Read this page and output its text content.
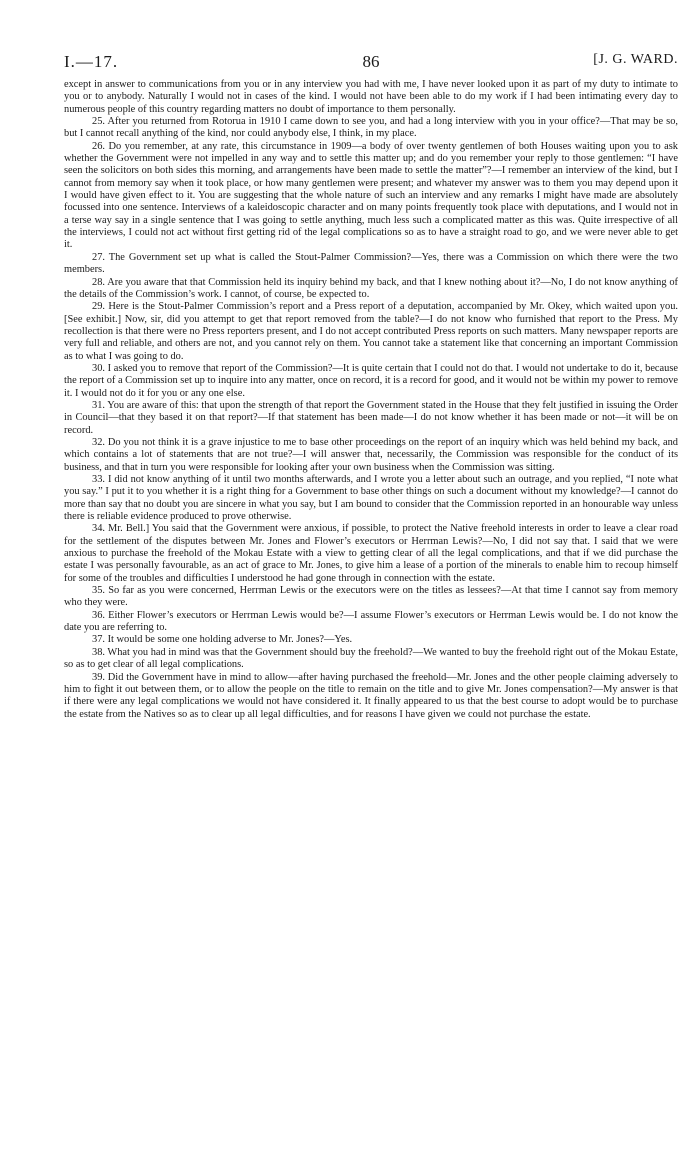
I.—17.	86	[J. G. WARD.

except in answer to communications from you or in any interview you had with me, I have never looked upon it as part of my duty to intimate to you or to anybody. Naturally I would not in cases of the kind. I would not have been able to do my work if I had been intimating every day to numerous people of this country regarding matters no doubt of importance to them personally.

25. After you returned from Rotorua in 1910 I came down to see you, and had a long interview with you in your office?—That may be so, but I cannot recall anything of the kind, nor could anybody else, I think, in my place.

26. Do you remember, at any rate, this circumstance in 1909—a body of over twenty gentlemen of both Houses waiting upon you to ask whether the Government were not impelled in any way and to settle this matter up; and do you remember your reply to those gentlemen: “I have seen the solicitors on both sides this morning, and arrangements have been made to settle the matter”?—I remember an interview of the kind, but I cannot from memory say when it took place, or how many gentlemen were present; and whatever my answer was to them you may depend upon it I would have given effect to it. You are suggesting that the whole nature of such an interview and any remarks I might have made are absolutely focussed into one sentence. Interviews of a kaleidoscopic character and on many points frequently took place with deputations, and I would not in a terse way say in a single sentence that I was going to settle anything, much less such a complicated matter as this was. Quite irrespective of all the interviews, I could not act without first getting rid of the legal complications so as to have a straight road to go, and we were never able to get it.

27. The Government set up what is called the Stout-Palmer Commission?—Yes, there was a Commission on which there were the two members.

28. Are you aware that that Commission held its inquiry behind my back, and that I knew nothing about it?—No, I do not know anything of the details of the Commission’s work. I cannot, of course, be expected to.

29. Here is the Stout-Palmer Commission’s report and a Press report of a deputation, accompanied by Mr. Okey, which waited upon you. [See exhibit.] Now, sir, did you attempt to get that report removed from the table?—I do not know who furnished that report to the Press. My recollection is that there were no Press reporters present, and I do not accept contributed Press reports on such matters. Many newspaper reports are very full and reliable, and others are not, and you cannot rely on them. You cannot take a statement like that concerning an important Commission as to what I was going to do.

30. I asked you to remove that report of the Commission?—It is quite certain that I could not do that. I would not undertake to do it, because the report of a Commission set up to inquire into any matter, once on record, it is a record for good, and it would not be within my power to remove it. I would not do it for you or any one else.

31. You are aware of this: that upon the strength of that report the Government stated in the House that they felt justified in issuing the Order in Council—that they based it on that report?—If that statement has been made—I do not know whether it has been made or not—it will be on record.

32. Do you not think it is a grave injustice to me to base other proceedings on the report of an inquiry which was held behind my back, and which contains a lot of statements that are not true?—I will answer that, necessarily, the Commission was responsible for the conduct of its business, and that in turn you were responsible for looking after your own business when the Commission was sitting.

33. I did not know anything of it until two months afterwards, and I wrote you a letter about such an outrage, and you replied, “I note what you say.” I put it to you whether it is a right thing for a Government to base other things on such a document without my knowledge?—I cannot do more than say that no doubt you are sincere in what you say, but I am bound to consider that the Commission reported in an honourable way unless there is reliable evidence produced to prove otherwise.

34. Mr. Bell.] You said that the Government were anxious, if possible, to protect the Native freehold interests in order to leave a clear road for the settlement of the disputes between Mr. Jones and Flower’s executors or Herrman Lewis?—No, I did not say that. I said that we were anxious to purchase the freehold of the Mokau Estate with a view to getting clear of all the legal complications, and that if we did purchase the estate I was personally favourable, as an act of grace to Mr. Jones, to give him a lease of a portion of the minerals to enable him to recoup himself for some of the troubles and difficulties I understood he had gone through in connection with the estate.

35. So far as you were concerned, Herrman Lewis or the executors were on the titles as lessees?—At that time I cannot say from memory who they were.

36. Either Flower’s executors or Herrman Lewis would be?—I assume Flower’s executors or Herrman Lewis would be. I do not know the date you are referring to.

37. It would be some one holding adverse to Mr. Jones?—Yes.

38. What you had in mind was that the Government should buy the freehold?—We wanted to buy the freehold right out of the Mokau Estate, so as to get clear of all legal complications.

39. Did the Government have in mind to allow—after having purchased the freehold—Mr. Jones and the other people claiming adversely to him to fight it out between them, or to allow the people on the title to remain on the title and to give Mr. Jones compensation?—My answer is that if there were any legal complications we would not have considered it. It finally appeared to us that the best course to adopt would be to purchase the estate from the Natives so as to clear up all legal difficulties, and for reasons I have given we could not purchase the estate.
